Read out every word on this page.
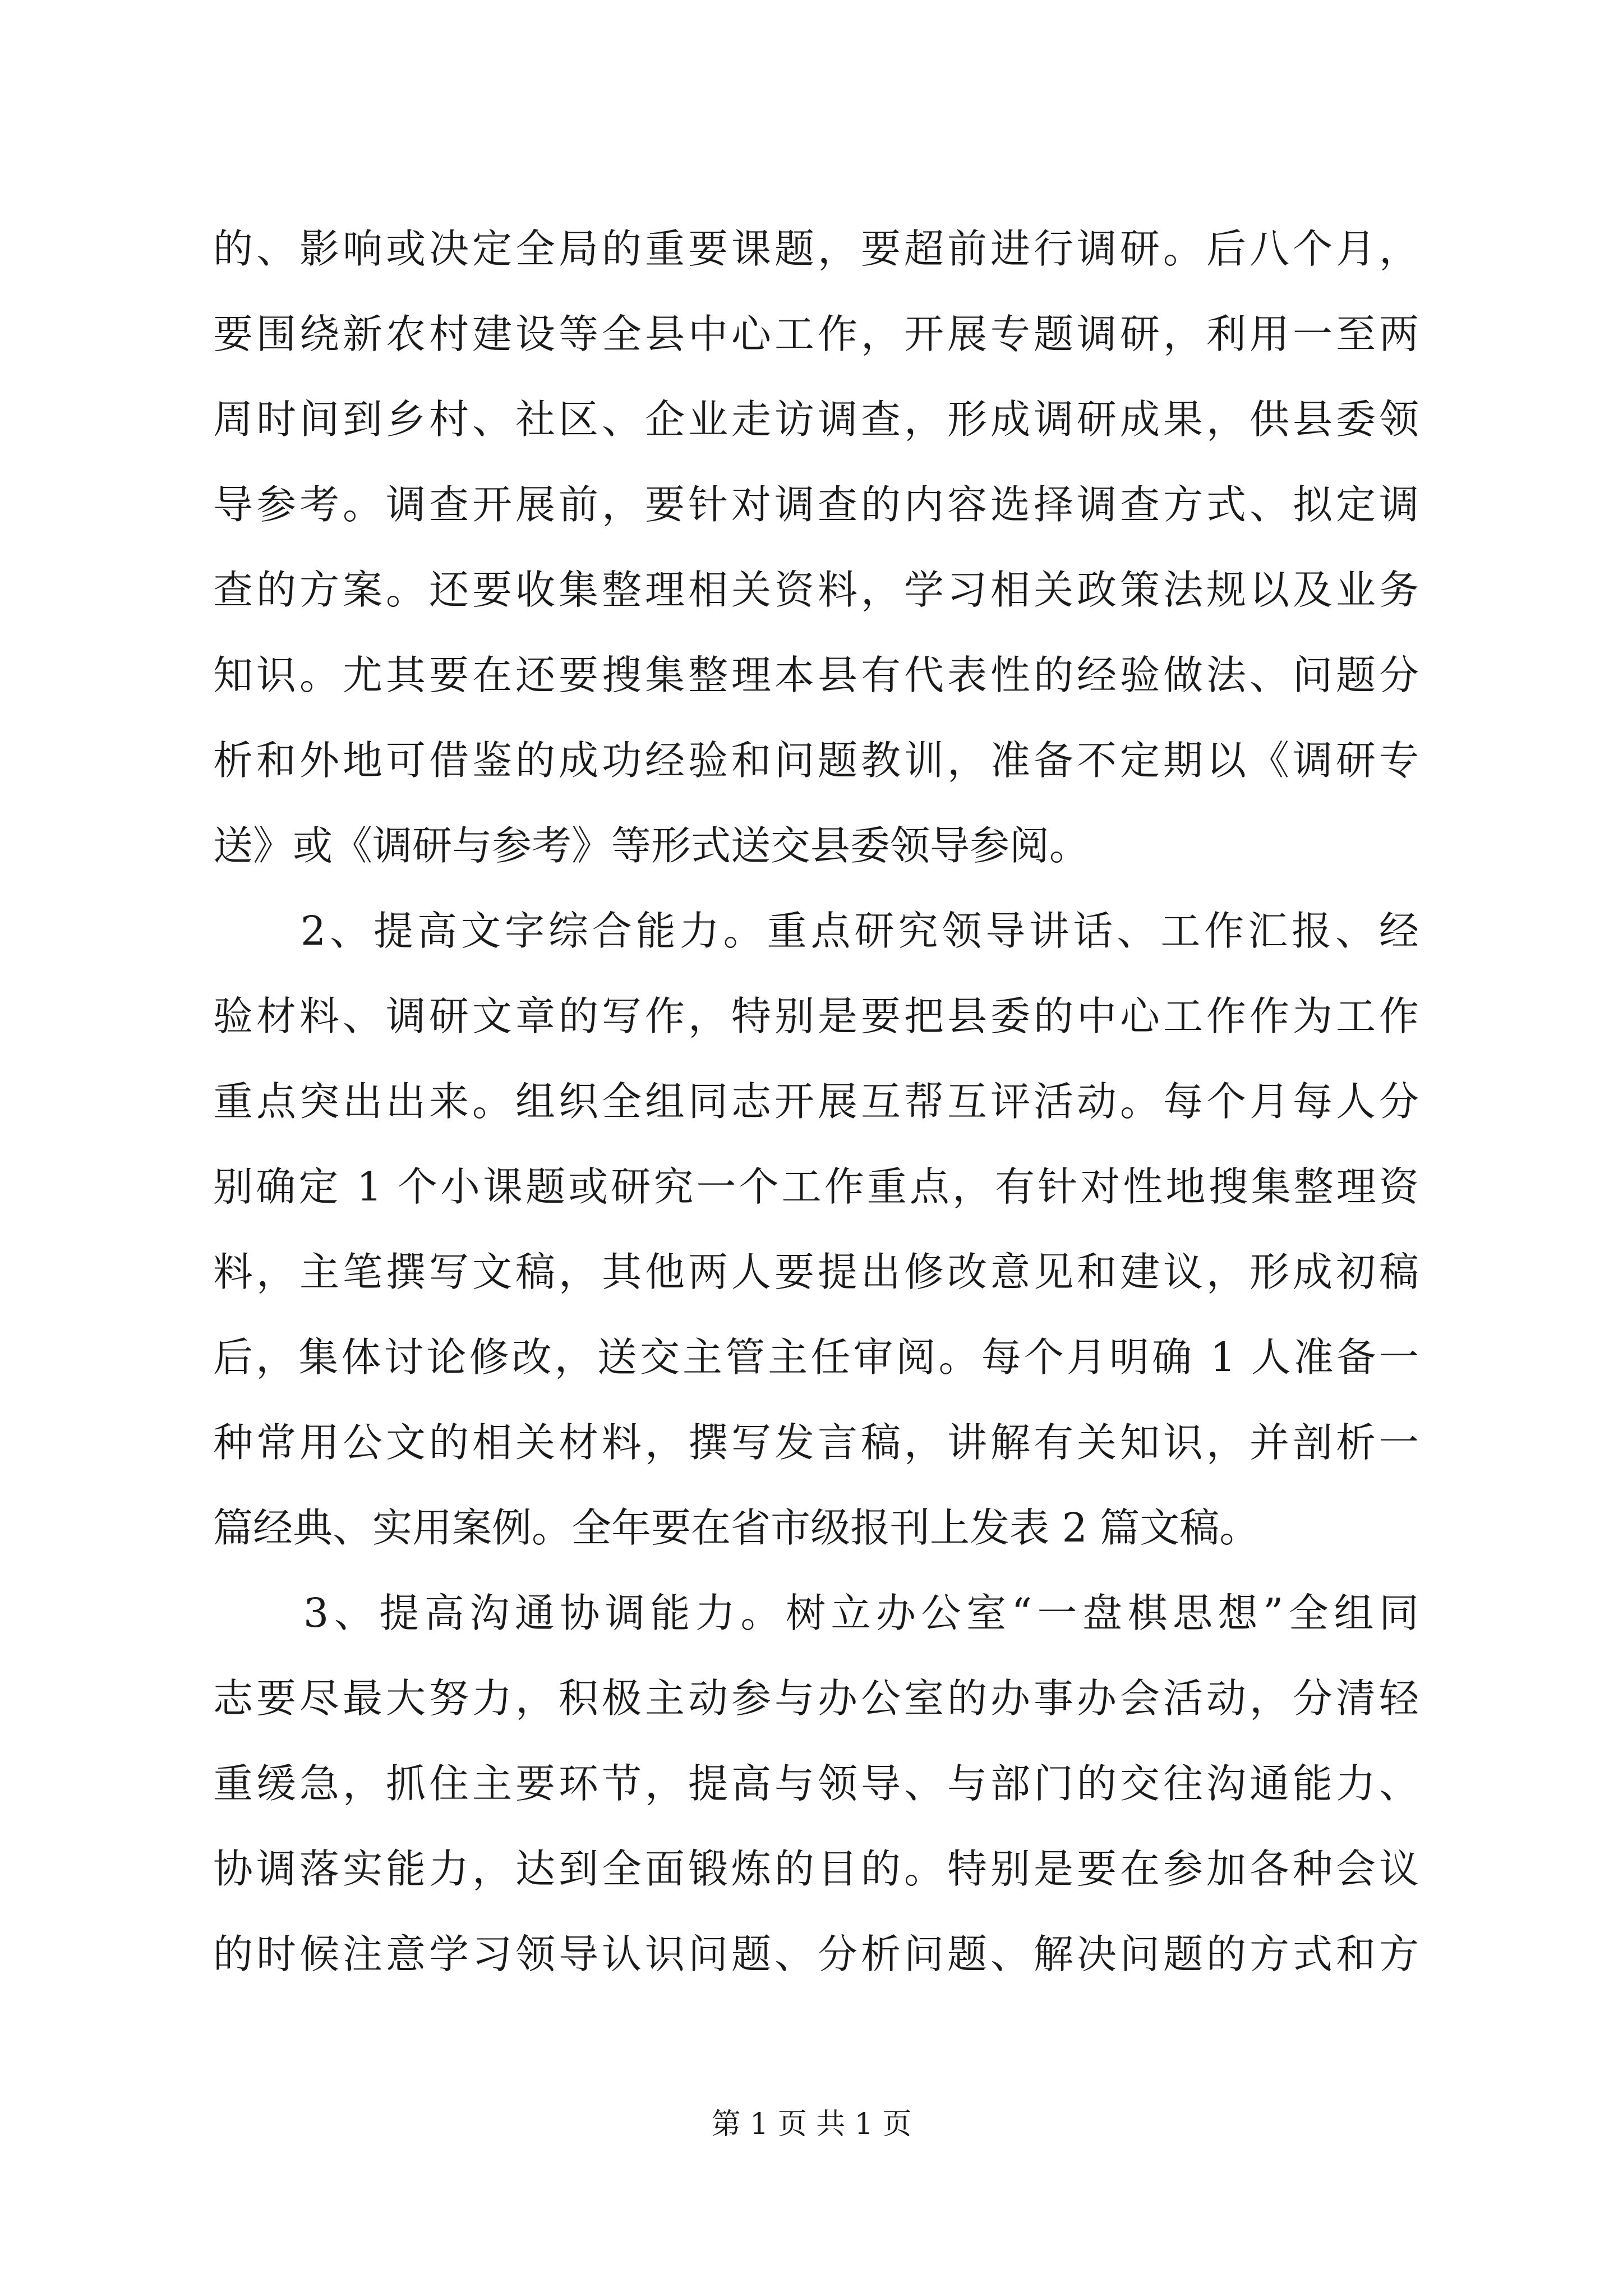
的、影响或决定全局的重要课题，要超前进行调研。后八个月，
要围绕新农村建设等全县中心工作，开展专题调研，利用一至两
周时间到乡村、社区、企业走访调查，形成调研成果，供县委领
导参考。调查开展前，要针对调查的内容选择调查方式、拟定调
查的方案。还要收集整理相关资料，学习相关政策法规以及业务
知识。尤其要在还要搜集整理本县有代表性的经验做法、问题分
析和外地可借鉴的成功经验和问题教训，准备不定期以《调研专
送》或《调研与参考》等形式送交县委领导参阅。
　　2、提高文字综合能力。重点研究领导讲话、工作汇报、经
验材料、调研文章的写作，特别是要把县委的中心工作作为工作
重点突出出来。组织全组同志开展互帮互评活动。每个月每人分
别确定 1 个小课题或研究一个工作重点，有针对性地搜集整理资
料，主笔撰写文稿，其他两人要提出修改意见和建议，形成初稿
后，集体讨论修改，送交主管主任审阅。每个月明确 1 人准备一
种常用公文的相关材料，撰写发言稿，讲解有关知识，并剖析一
篇经典、实用案例。全年要在省市级报刊上发表 2 篇文稿。
　　3、提高沟通协调能力。树立办公室“一盘棋思想”全组同
志要尽最大努力，积极主动参与办公室的办事办会活动，分清轻
重缓急，抓住主要环节，提高与领导、与部门的交往沟通能力、
协调落实能力，达到全面锻炼的目的。特别是要在参加各种会议
的时候注意学习领导认识问题、分析问题、解决问题的方式和方
第 1 页 共 1 页
